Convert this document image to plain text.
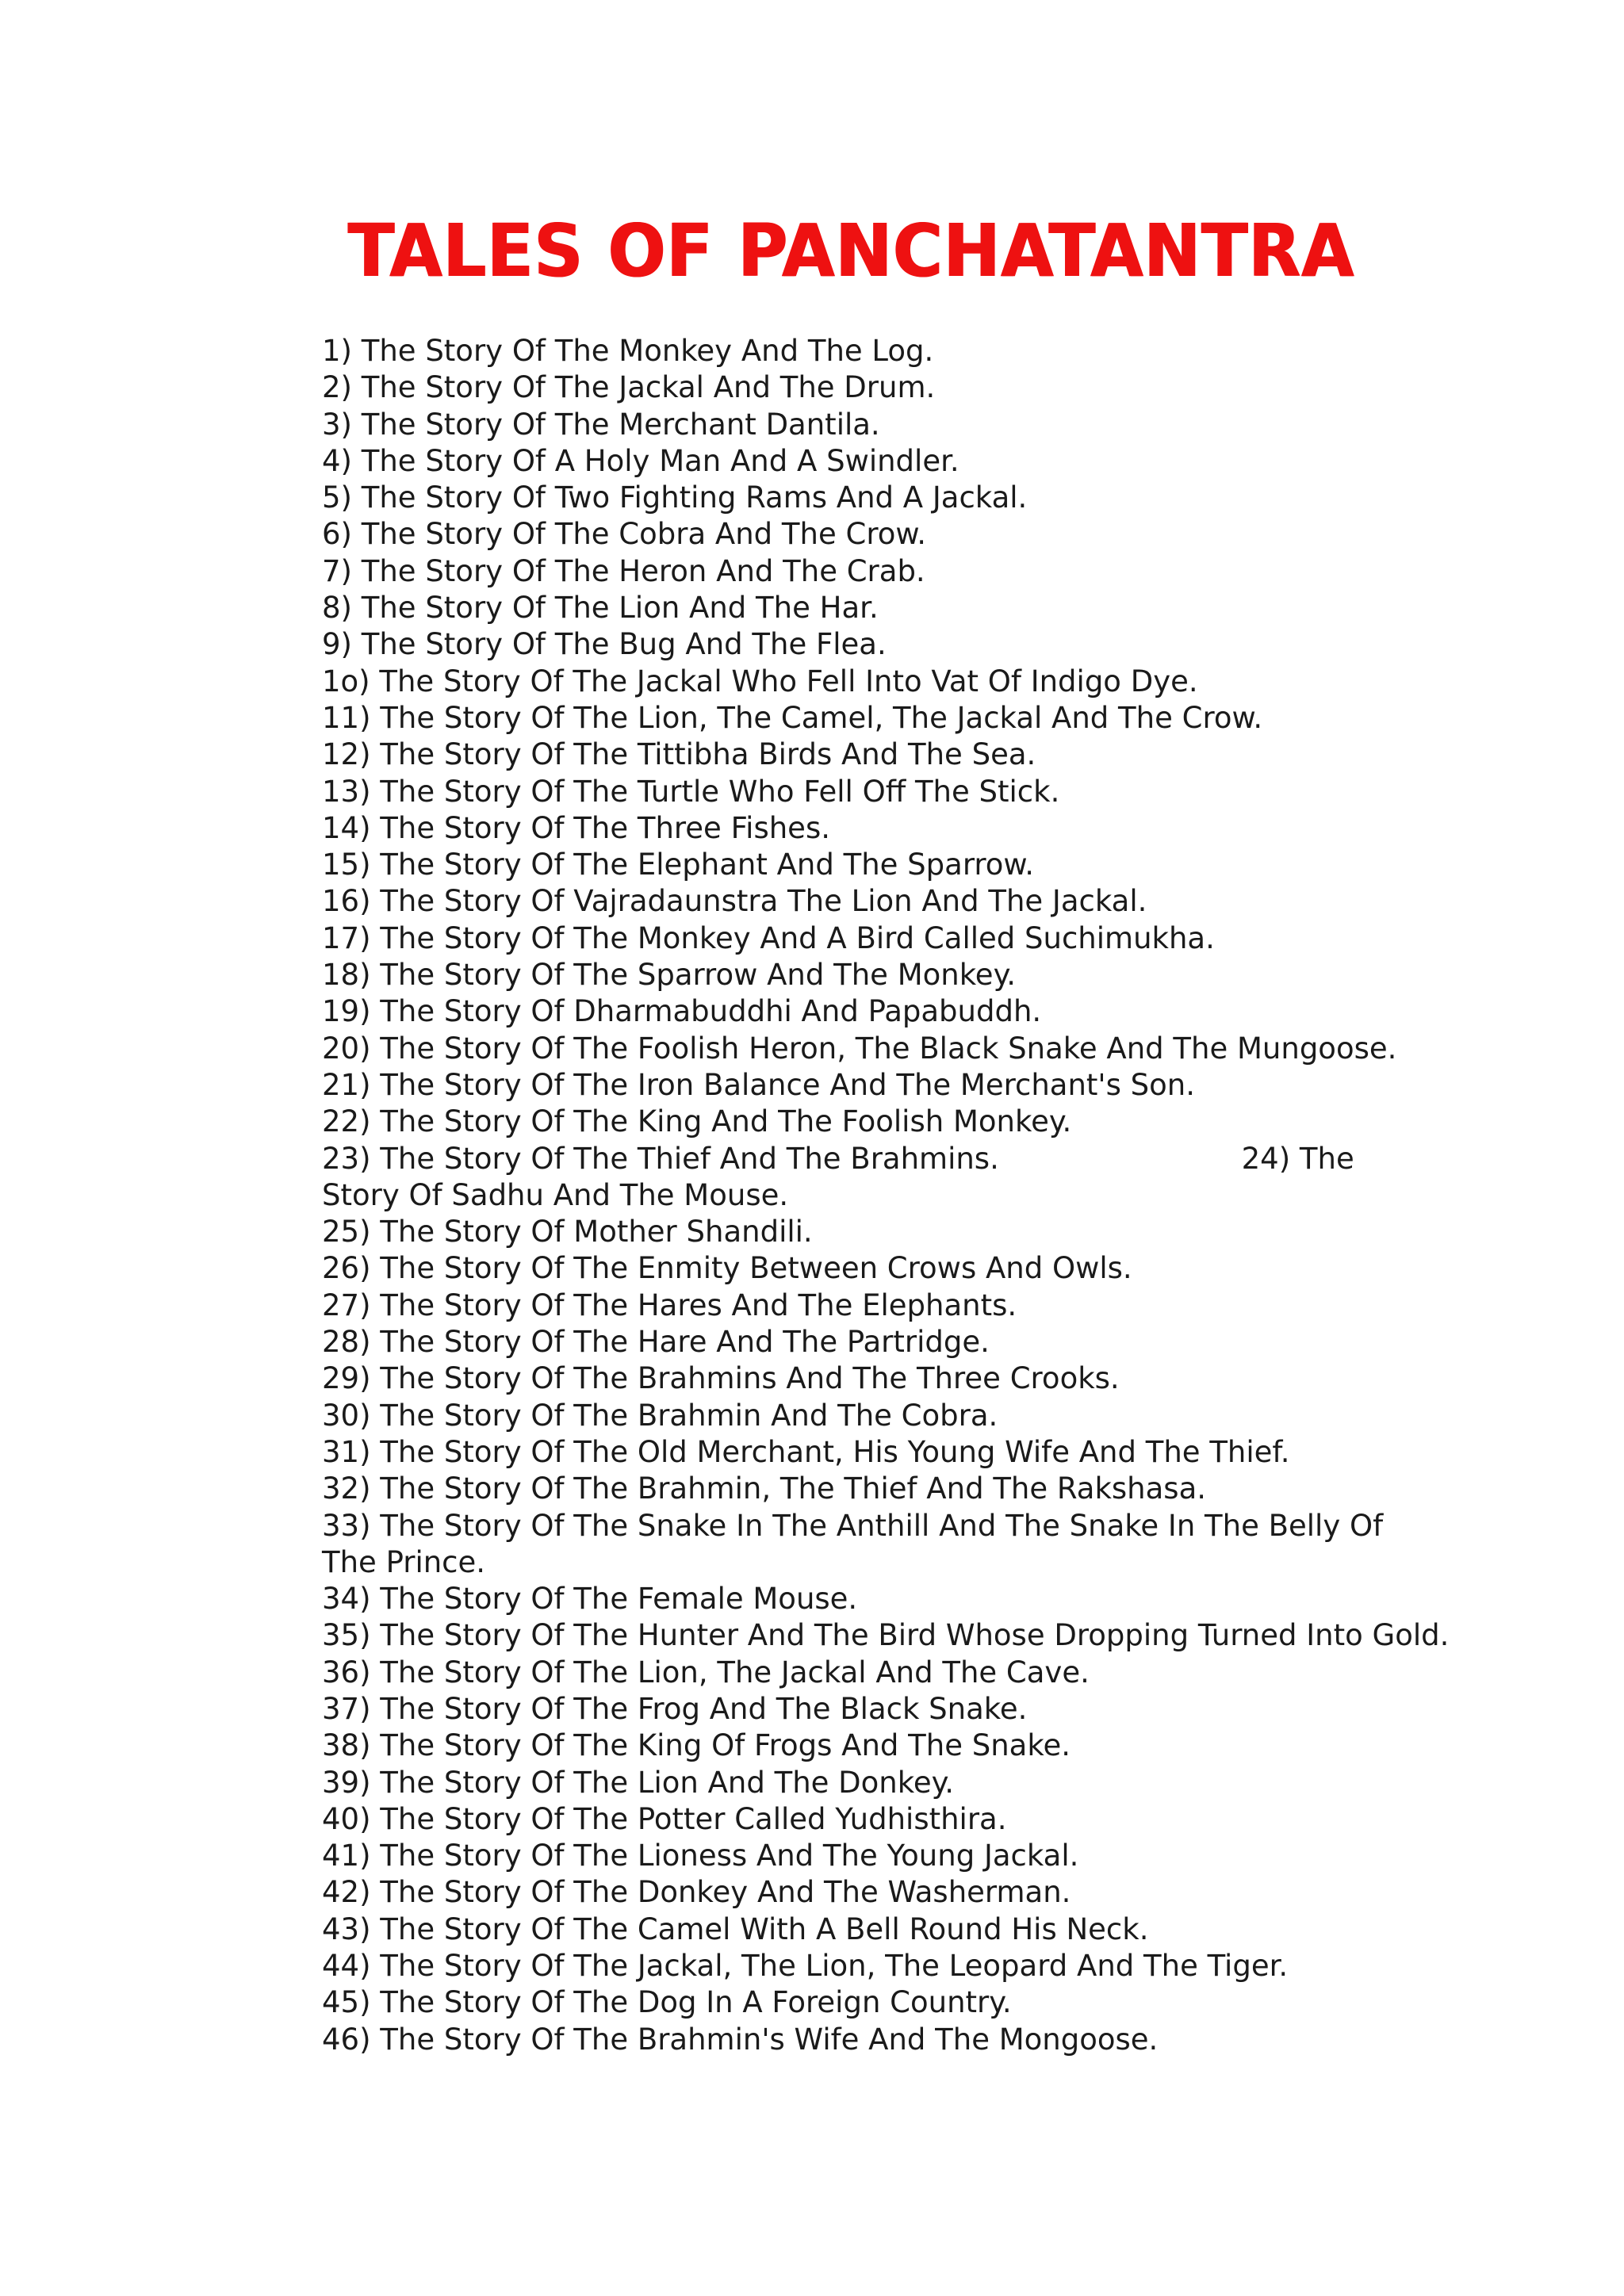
TALES OF PANCHATANTRA
1) The Story Of The Monkey And The Log.
2) The Story Of The Jackal And The Drum.
3) The Story Of The Merchant Dantila.
4) The Story Of A Holy Man And A Swindler.
5) The Story Of Two Fighting Rams And A Jackal.
6) The Story Of The Cobra And The Crow.
7) The Story Of The Heron And The Crab.
8) The Story Of The Lion And The Har.
9) The Story Of The Bug And The Flea.
1o) The Story Of The Jackal Who Fell Into Vat Of Indigo Dye.
11) The Story Of The Lion, The Camel, The Jackal And The Crow.
12) The Story Of The Tittibha Birds And The Sea.
13) The Story Of The Turtle Who Fell Off The Stick.
14) The Story Of The Three Fishes.
15) The Story Of The Elephant And The Sparrow.
16) The Story Of Vajradaunstra The Lion And The Jackal.
17) The Story Of The Monkey And A Bird Called Suchimukha.
18) The Story Of The Sparrow And The Monkey.
19) The Story Of Dharmabuddhi And Papabuddh.
20) The Story Of The Foolish Heron, The Black Snake And The Mungoose.
21) The Story Of The Iron Balance And The Merchant's Son.
22) The Story Of The King And The Foolish Monkey.
23) The Story Of The Thief And The Brahmins.                          24) The Story Of Sadhu And The Mouse.
25) The Story Of Mother Shandili.
26) The Story Of The Enmity Between Crows And Owls.
27) The Story Of The Hares And The Elephants.
28) The Story Of The Hare And The Partridge.
29) The Story Of The Brahmins And The Three Crooks.
30) The Story Of The Brahmin And The Cobra.
31) The Story Of The Old Merchant, His Young Wife And The Thief.
32) The Story Of The Brahmin, The Thief And The Rakshasa.
33) The Story Of The Snake In The Anthill And The Snake In The Belly Of The Prince.
34) The Story Of The Female Mouse.
35) The Story Of The Hunter And The Bird Whose Dropping Turned Into Gold.
36) The Story Of The Lion, The Jackal And The Cave.
37) The Story Of The Frog And The Black Snake.
38) The Story Of The King Of Frogs And The Snake.
39) The Story Of The Lion And The Donkey.
40) The Story Of The Potter Called Yudhisthira.
41) The Story Of The Lioness And The Young Jackal.
42) The Story Of The Donkey And The Washerman.
43) The Story Of The Camel With A Bell Round His Neck.
44) The Story Of The Jackal, The Lion, The Leopard And The Tiger.
45) The Story Of The Dog In A Foreign Country.
46) The Story Of The Brahmin's Wife And The Mongoose.
